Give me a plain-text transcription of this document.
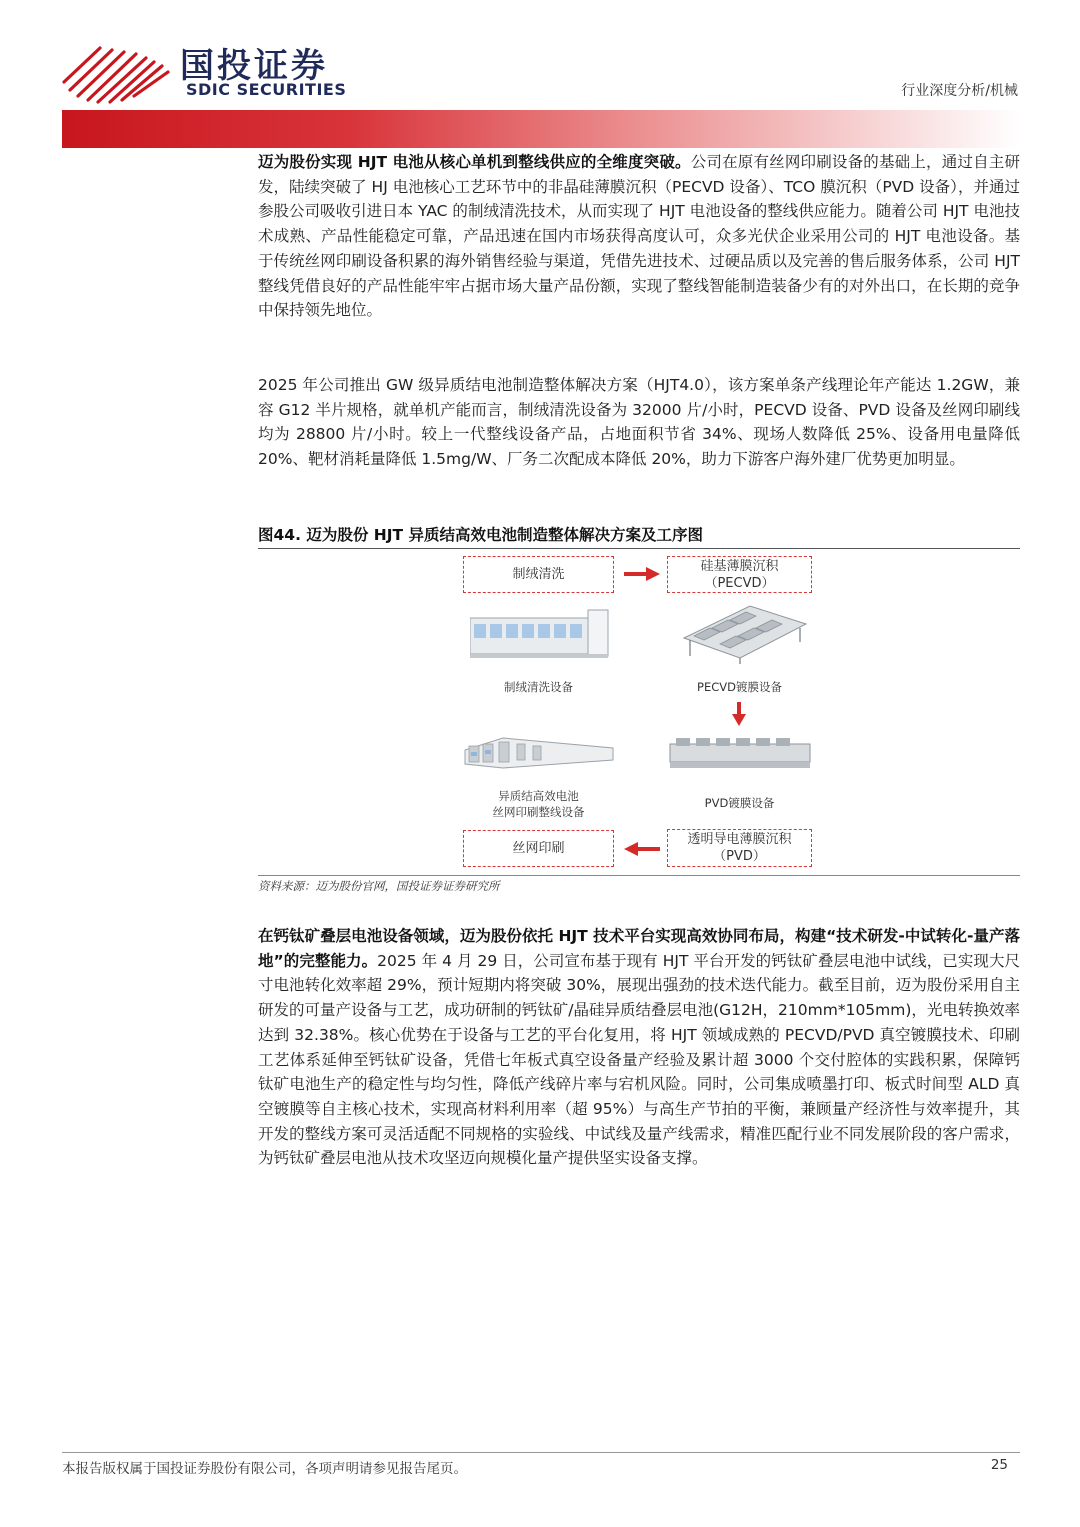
国投证券
SDIC SECURITIES	行业深度分析/机械
迈为股份实现 HJT 电池从核心单机到整线供应的全维度突破。公司在原有丝网印刷设备的基础上，通过自主研发，陆续突破了 HJ 电池核心工艺环节中的非晶硅薄膜沉积（PECVD 设备）、TCO 膜沉积（PVD 设备），并通过参股公司吸收引进日本 YAC 的制绒清洗技术，从而实现了 HJT 电池设备的整线供应能力。随着公司 HJT 电池技术成熟、产品性能稳定可靠，产品迅速在国内市场获得高度认可，众多光伏企业采用公司的 HJT 电池设备。基于传统丝网印刷设备积累的海外销售经验与渠道，凭借先进技术、过硬品质以及完善的售后服务体系，公司 HJT 整线凭借良好的产品性能牢牢占据市场大量产品份额，实现了整线智能制造装备少有的对外出口，在长期的竞争中保持领先地位。
2025 年公司推出 GW 级异质结电池制造整体解决方案（HJT4.0），该方案单条产线理论年产能达 1.2GW，兼容 G12 半片规格，就单机产能而言，制绒清洗设备为 32000 片/小时，PECVD 设备、PVD 设备及丝网印刷线均为 28800 片/小时。较上一代整线设备产品，占地面积节省 34%、现场人数降低 25%、设备用电量降低 20%、靶材消耗量降低 1.5mg/W、厂务二次配成本降低 20%，助力下游客户海外建厂优势更加明显。
图44. 迈为股份 HJT 异质结高效电池制造整体解决方案及工序图
制绒清洗
硅基薄膜沉积
（PECVD）
透明导电薄膜沉积
（PVD）
丝网印刷
制绒清洗设备	PECVD镀膜设备
PVD镀膜设备
异质结高效电池
丝网印刷整线设备
资料来源：迈为股份官网，国投证券证券研究所
在钙钛矿叠层电池设备领域，迈为股份依托 HJT 技术平台实现高效协同布局，构建“技术研发-中试转化-量产落地”的完整能力。2025 年 4 月 29 日，公司宣布基于现有 HJT 平台开发的钙钛矿叠层电池中试线，已实现大尺寸电池转化效率超 29%，预计短期内将突破 30%，展现出强劲的技术迭代能力。截至目前，迈为股份采用自主研发的可量产设备与工艺，成功研制的钙钛矿/晶硅异质结叠层电池(G12H，210mm*105mm)，光电转换效率达到 32.38%。核心优势在于设备与工艺的平台化复用，将 HJT 领域成熟的 PECVD/PVD 真空镀膜技术、印刷工艺体系延伸至钙钛矿设备，凭借七年板式真空设备量产经验及累计超 3000 个交付腔体的实践积累，保障钙钛矿电池生产的稳定性与均匀性，降低产线碎片率与宕机风险。同时，公司集成喷墨打印、板式时间型 ALD 真空镀膜等自主核心技术，实现高材料利用率（超 95%）与高生产节拍的平衡，兼顾量产经济性与效率提升，其开发的整线方案可灵活适配不同规格的实验线、中试线及量产线需求，精准匹配行业不同发展阶段的客户需求，为钙钛矿叠层电池从技术攻坚迈向规模化量产提供坚实设备支撑。
本报告版权属于国投证券股份有限公司，各项声明请参见报告尾页。	25
